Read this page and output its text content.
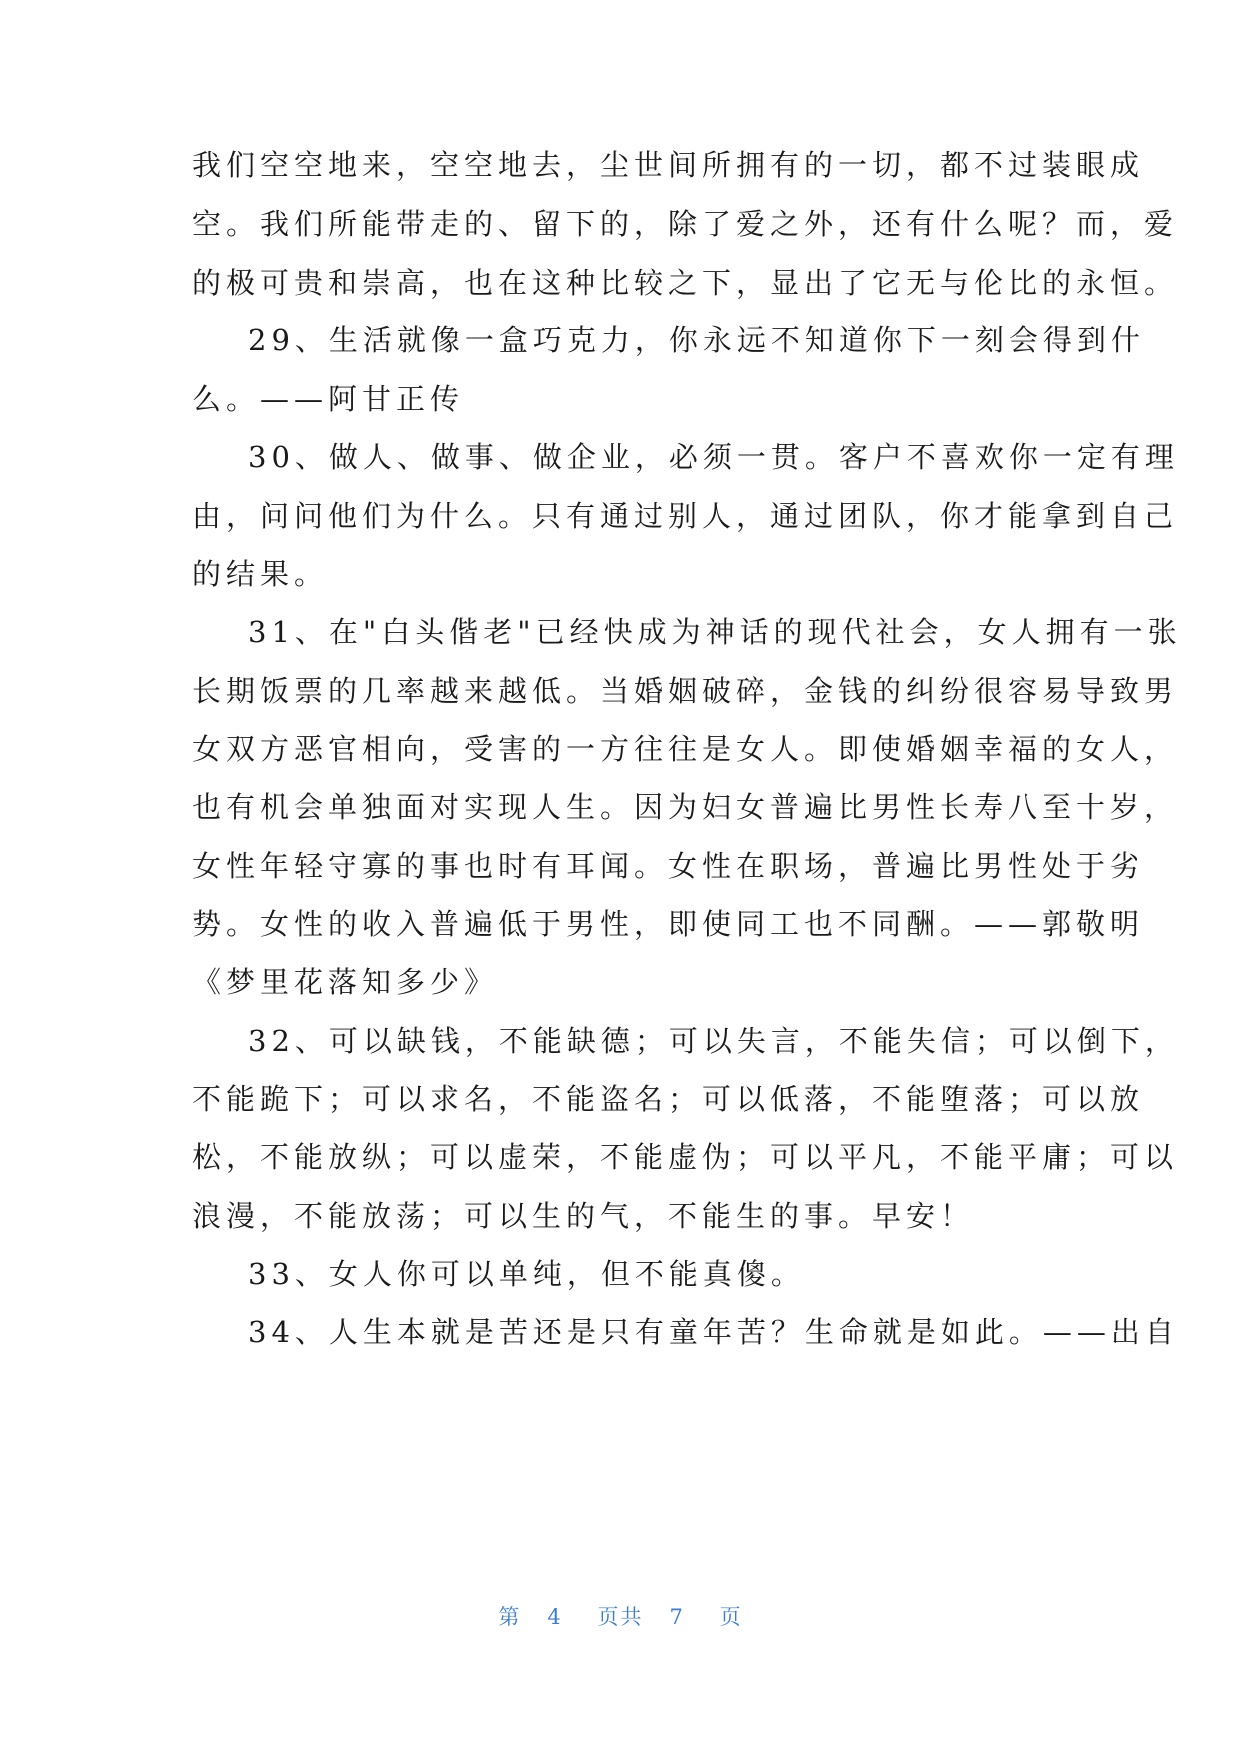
我们空空地来，空空地去，尘世间所拥有的一切，都不过装眼成
空。我们所能带走的、留下的，除了爱之外，还有什么呢？而，爱
的极可贵和崇高，也在这种比较之下，显出了它无与伦比的永恒。
29、生活就像一盒巧克力，你永远不知道你下一刻会得到什
么。——阿甘正传
30、做人、做事、做企业，必须一贯。客户不喜欢你一定有理
由，问问他们为什么。只有通过别人，通过团队，你才能拿到自己
的结果。
31、在"白头偕老"已经快成为神话的现代社会，女人拥有一张
长期饭票的几率越来越低。当婚姻破碎，金钱的纠纷很容易导致男
女双方恶官相向，受害的一方往往是女人。即使婚姻幸福的女人，
也有机会单独面对实现人生。因为妇女普遍比男性长寿八至十岁，
女性年轻守寡的事也时有耳闻。女性在职场，普遍比男性处于劣
势。女性的收入普遍低于男性，即使同工也不同酬。——郭敬明
《梦里花落知多少》
32、可以缺钱，不能缺德；可以失言，不能失信；可以倒下，
不能跪下；可以求名，不能盗名；可以低落，不能堕落；可以放
松，不能放纵；可以虚荣，不能虚伪；可以平凡，不能平庸；可以
浪漫，不能放荡；可以生的气，不能生的事。早安！
33、女人你可以单纯，但不能真傻。
34、人生本就是苦还是只有童年苦？生命就是如此。——出自
第 4 页共 7 页
